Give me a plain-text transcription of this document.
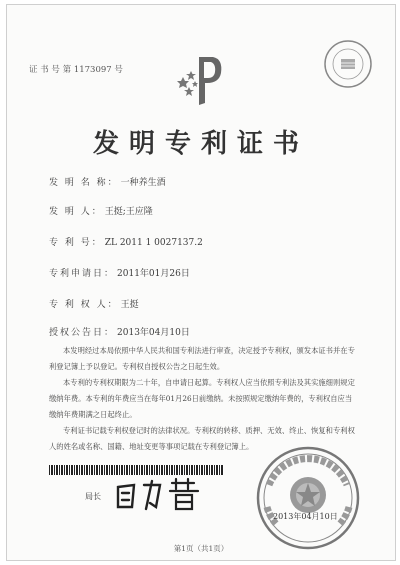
证 书 号 第 1173097 号
发明专利证书
发 明 名 称： 一种养生酒
发 明 人： 王挺;王应隆
专 利 号： ZL 2011 1 0027137.2
专利申请日： 2011年01月26日
专 利 权 人： 王挺
授权公告日： 2013年04月10日

本发明经过本局依照中华人民共和国专利法进行审查，决定授予专利权，颁发本证书并在专利登记簿上予以登记。专利权自授权公告之日起生效。

本专利的专利权期限为二十年，自申请日起算。专利权人应当依照专利法及其实施细则规定缴纳年费。本专利的年费应当在每年01月26日前缴纳。未按照规定缴纳年费的，专利权自应当缴纳年费期满之日起终止。

专利证书记载专利权登记时的法律状况。专利权的转移、质押、无效、终止、恢复和专利权人的姓名或名称、国籍、地址变更等事项记载在专利登记簿上。

局长
2013年04月10日
第1页（共1页）
